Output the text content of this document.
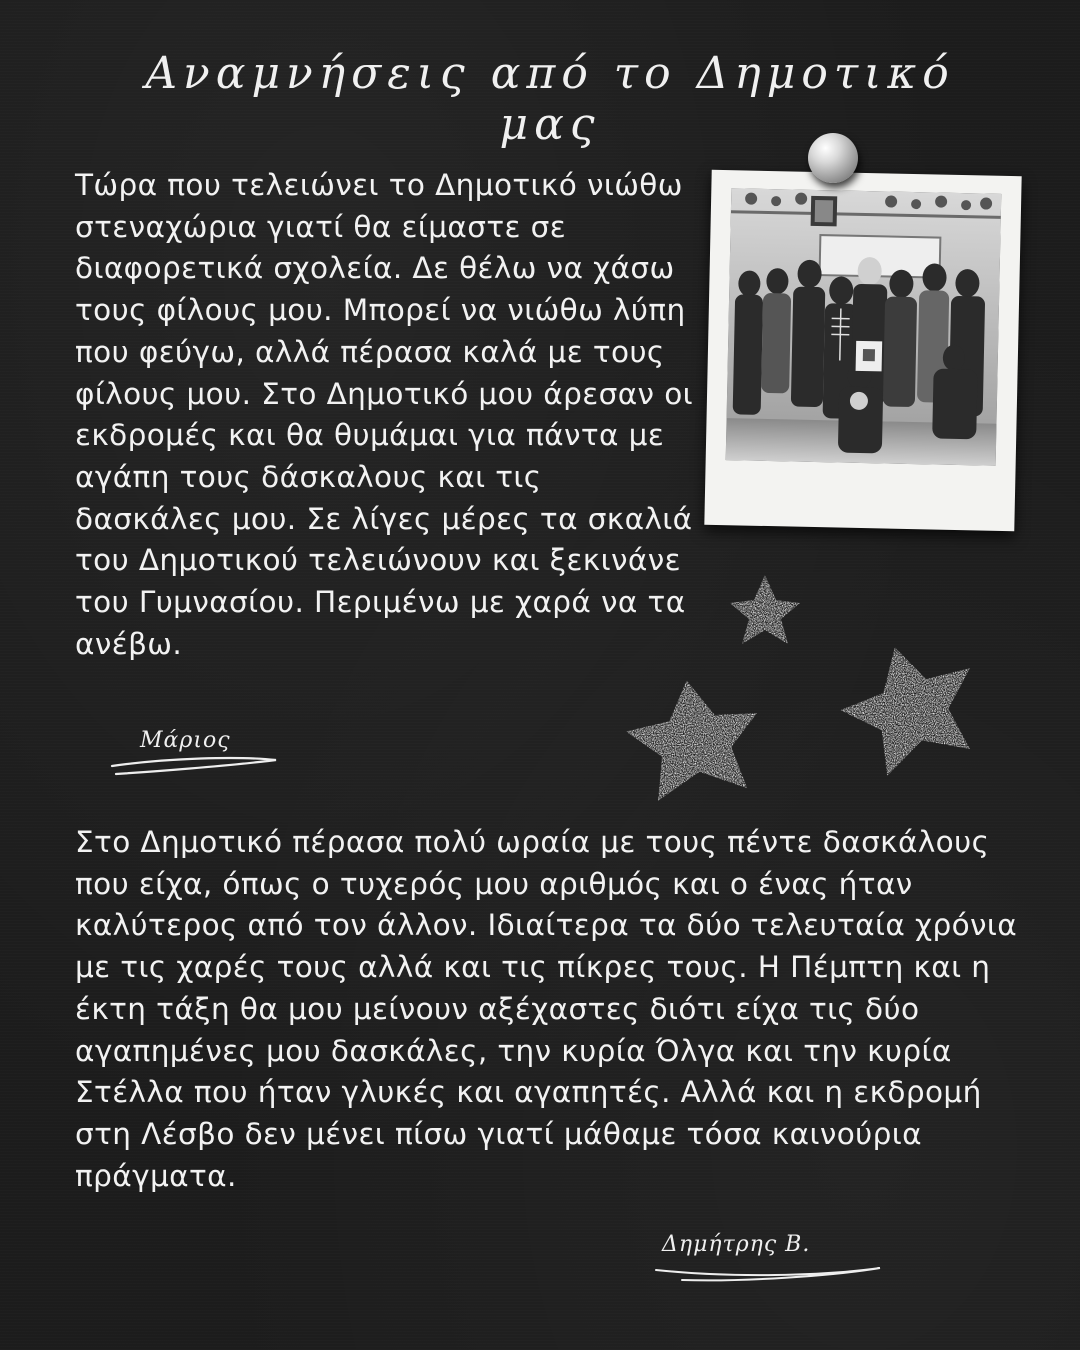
Αναμνήσεις από το Δημοτικό μας

Τώρα που τελειώνει το Δημοτικό νιώθω στεναχώρια γιατί θα είμαστε σε διαφορετικά σχολεία. Δε θέλω να χάσω τους φίλους μου. Μπορεί να νιώθω λύπη που φεύγω, αλλά πέρασα καλά με τους φίλους μου. Στο Δημοτικό μου άρεσαν οι εκδρομές και θα θυμάμαι για πάντα με αγάπη τους δάσκαλους και τις δασκάλες μου. Σε λίγες μέρες τα σκαλιά του Δημοτικού τελειώνουν και ξεκινάνε του Γυμνασίου. Περιμένω με χαρά να τα ανέβω.

Μάριος

Στο Δημοτικό πέρασα πολύ ωραία με τους πέντε δασκάλους που είχα, όπως ο τυχερός μου αριθμός και ο ένας ήταν καλύτερος από τον άλλον. Ιδιαίτερα τα δύο τελευταία χρόνια με τις χαρές τους αλλά και τις πίκρες τους. Η Πέμπτη και η έκτη τάξη θα μου μείνουν αξέχαστες διότι είχα τις δύο αγαπημένες μου δασκάλες, την κυρία Όλγα και την κυρία Στέλλα που ήταν γλυκές και αγαπητές. Αλλά και η εκδρομή στη Λέσβο δεν μένει πίσω γιατί μάθαμε τόσα καινούρια πράγματα.

Δημήτρης Β.
